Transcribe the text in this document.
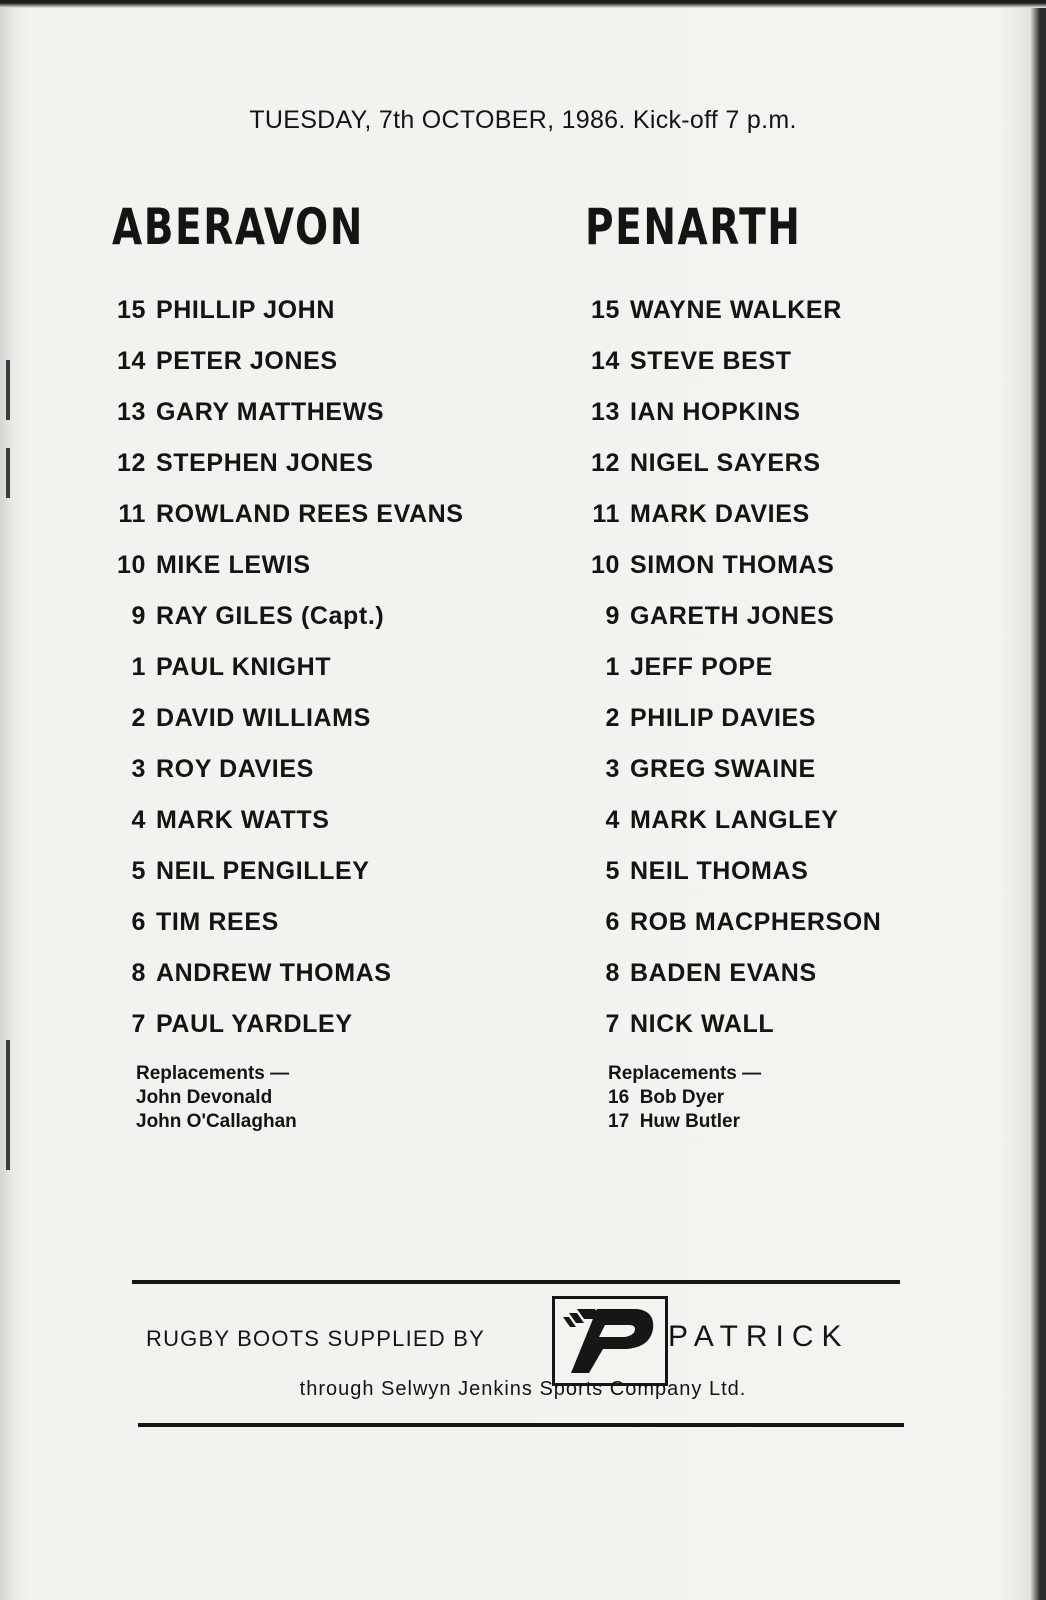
TUESDAY, 7th OCTOBER, 1986. Kick-off 7 p.m.
ABERAVON	PENARTH
15 PHILLIP JOHN
14 PETER JONES
13 GARY MATTHEWS
12 STEPHEN JONES
11 ROWLAND REES EVANS
10 MIKE LEWIS
9 RAY GILES (Capt.)
1 PAUL KNIGHT
2 DAVID WILLIAMS
3 ROY DAVIES
4 MARK WATTS
5 NEIL PENGILLEY
6 TIM REES
8 ANDREW THOMAS
7 PAUL YARDLEY
15 WAYNE WALKER
14 STEVE BEST
13 IAN HOPKINS
12 NIGEL SAYERS
11 MARK DAVIES
10 SIMON THOMAS
9 GARETH JONES
1 JEFF POPE
2 PHILIP DAVIES
3 GREG SWAINE
4 MARK LANGLEY
5 NEIL THOMAS
6 ROB MACPHERSON
8 BADEN EVANS
7 NICK WALL
Replacements —
John Devonald
John O'Callaghan
Replacements —
16  Bob Dyer
17  Huw Butler
RUGBY BOOTS SUPPLIED BY	PATRICK
through Selwyn Jenkins Sports Company Ltd.
